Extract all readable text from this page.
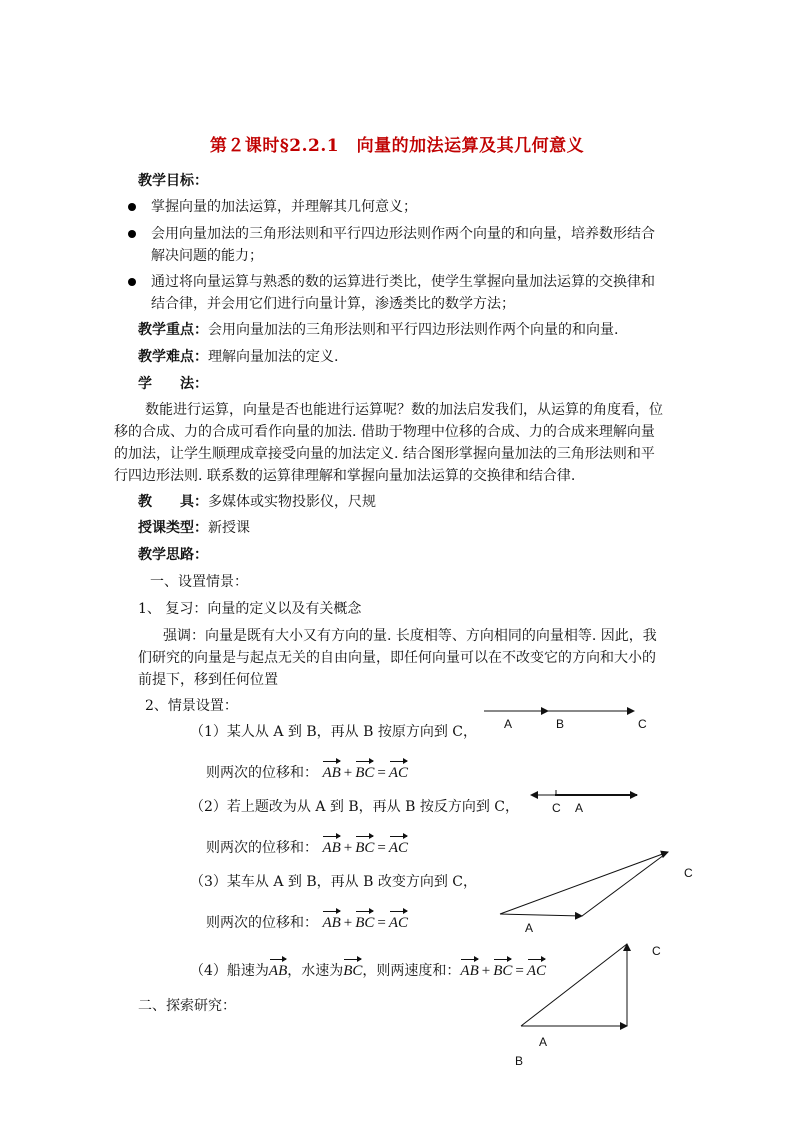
第２课时§2.2.1　向量的加法运算及其几何意义
教学目标：
掌握向量的加法运算，并理解其几何意义；
会用向量加法的三角形法则和平行四边形法则作两个向量的和向量，培养数形结合
解决问题的能力；
通过将向量运算与熟悉的数的运算进行类比，使学生掌握向量加法运算的交换律和
结合律，并会用它们进行向量计算，渗透类比的数学方法；
教学重点：会用向量加法的三角形法则和平行四边形法则作两个向量的和向量.
教学难点：理解向量加法的定义.
学　　法：
数能进行运算，向量是否也能进行运算呢？数的加法启发我们，从运算的角度看，位
移的合成、力的合成可看作向量的加法. 借助于物理中位移的合成、力的合成来理解向量
的加法，让学生顺理成章接受向量的加法定义. 结合图形掌握向量加法的三角形法则和平
行四边形法则. 联系数的运算律理解和掌握向量加法运算的交换律和结合律.
教　　具：多媒体或实物投影仪，尺规
授课类型：新授课
教学思路：
一、设置情景：
1、 复习：向量的定义以及有关概念
强调：向量是既有大小又有方向的量. 长度相等、方向相同的向量相等. 因此，我
们研究的向量是与起点无关的自由向量，即任何向量可以在不改变它的方向和大小的
前提下，移到任何位置
2、情景设置：
（1）某人从 A 到 B，再从 B 按原方向到 C，
则两次的位移和： AB + BC = AC
（2）若上题改为从 A 到 B，再从 B 按反方向到 C，
则两次的位移和： AB + BC = AC
（3）某车从 A 到 B，再从 B 改变方向到 C，
则两次的位移和： AB + BC = AC
（4）船速为AB，水速为BC，则两速度和：AB + BC = AC
二、探索研究：
A	B	C
C A
C
A
C
A
B
